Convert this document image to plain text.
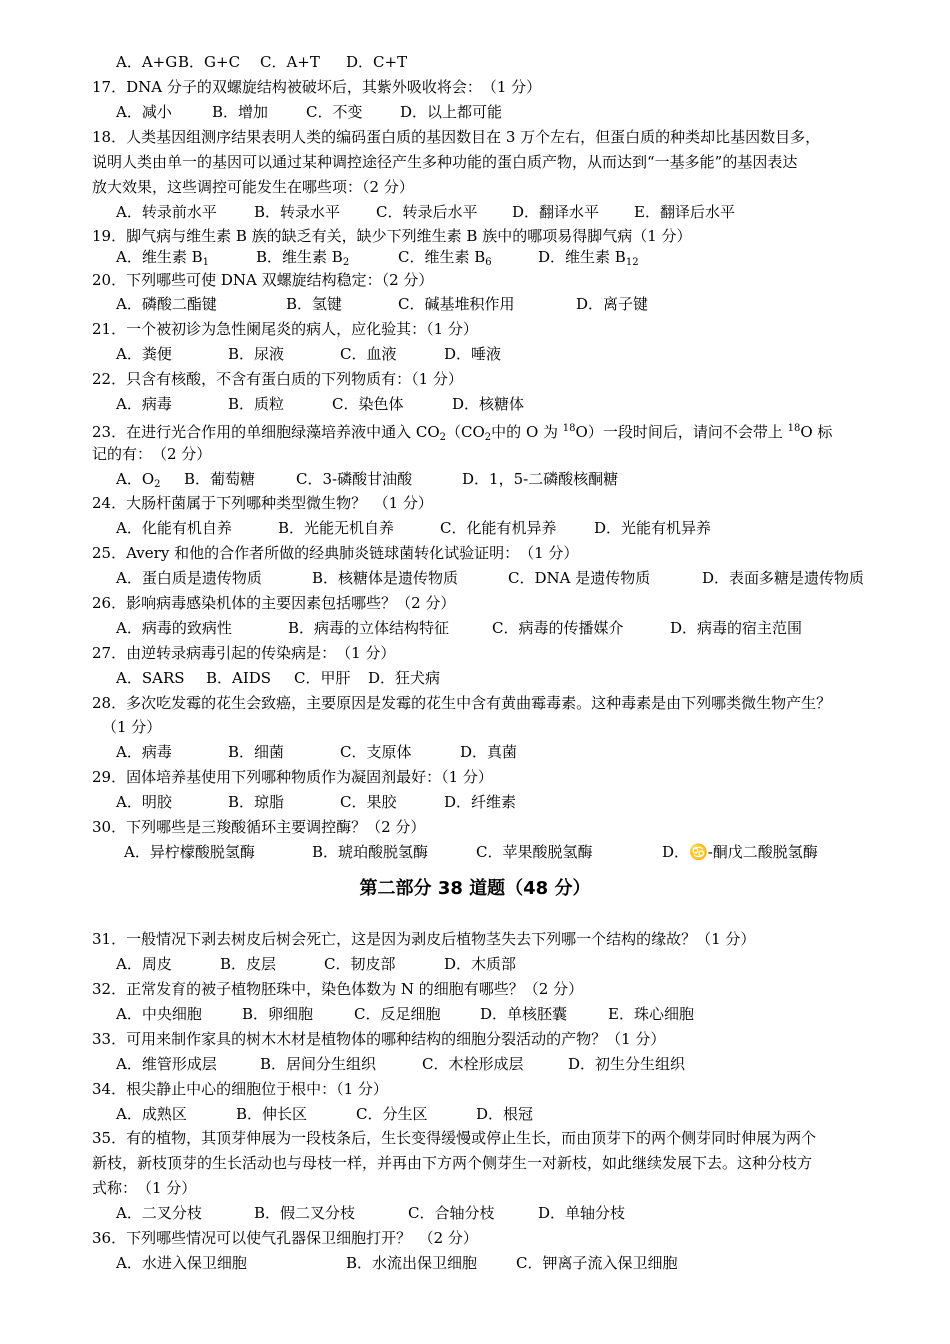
A．A+GB．G+C C．A+T D．C+T
17．DNA 分子的双螺旋结构被破坏后，其紫外吸收将会：　（1 分）
A．减小	B．增加	C．不变	D．以上都可能
18．人类基因组测序结果表明人类的编码蛋白质的基因数目在 3 万个左右，但蛋白质的种类却比基因数目多，
说明人类由单一的基因可以通过某种调控途径产生多种功能的蛋白质产物，从而达到“一基多能”的基因表达
放大效果，这些调控可能发生在哪些项：（2 分）
A．转录前水平 B．转录水平 C．转录后水平 D．翻译水平 E．翻译后水平
19．脚气病与维生素 B 族的缺乏有关，缺少下列维生素 B 族中的哪项易得脚气病（1 分）
A．维生素 $B_1$	B．维生素 $B_2$	C．维生素 $B_6$	D．维生素 $B_{12}$
20．下列哪些可使 DNA 双螺旋结构稳定：（2 分）
A．磷酸二酯键	B．氢键	C．碱基堆积作用	D．离子键
21．一个被初诊为急性阑尾炎的病人，应化验其：（1 分）
A．粪便	B．尿液	C．血液	D．唾液
22．只含有核酸，不含有蛋白质的下列物质有：（1 分）
A．病毒	B．质粒	C．染色体	D．核糖体
23．在进行光合作用的单细胞绿藻培养液中通入 $CO_2(CO_2$中的 O 为 $^{18}$O）一段时间后，请问不会带上 $^{18}$O 标
记的有：　（2 分）
A．$O_2$ B．葡萄糖	C．3-磷酸甘油酸	D．1，5-二磷酸核酮糖
24．大肠杆菌属于下列哪种类型微生物？　（1 分）
A．化能有机自养	B．光能无机自养	C．化能有机异养	D．光能有机异养
25．Avery 和他的合作者所做的经典肺炎链球菌转化试验证明：　（1 分）
A．蛋白质是遗传物质	B．核糖体是遗传物质	C．DNA 是遗传物质	D．表面多糖是遗传物质
26．影响病毒感染机体的主要因素包括哪些？（2 分）
A．病毒的致病性	B．病毒的立体结构特征	C．病毒的传播媒介	D．病毒的宿主范围
27．由逆转录病毒引起的传染病是：　（1 分）
A．SARS B．AIDS C．甲肝 D．狂犬病
28．多次吃发霉的花生会致癌，主要原因是发霉的花生中含有黄曲霉毒素。这种毒素是由下列哪类微生物产生？
（1 分）
A．病毒	B．细菌	C．支原体	D．真菌
29．固体培养基使用下列哪种物质作为凝固剂最好：（1 分）
A．明胶	B．琼脂	C．果胶	D．纤维素
30．下列哪些是三羧酸循环主要调控酶？（2 分）
A．异柠檬酸脱氢酶	B．琥珀酸脱氢酶	C．苹果酸脱氢酶	D．♋-酮戊二酸脱氢酶
第二部分 38 道题（48 分）
31．一般情况下剥去树皮后树会死亡，这是因为剥皮后植物茎失去下列哪一个结构的缘故？（1 分）
A．周皮	B．皮层	C．韧皮部	D．木质部
32．正常发育的被子植物胚珠中，染色体数为 N 的细胞有哪些？（2 分）
A．中央细胞	B．卵细胞	C．反足细胞	D．单核胚囊	E．珠心细胞
33．可用来制作家具的树木木材是植物体的哪种结构的细胞分裂活动的产物？（1 分）
A．维管形成层	B．居间分生组织	C．木栓形成层	D．初生分生组织
34．根尖静止中心的细胞位于根中：（1 分）
A．成熟区	B．伸长区	C．分生区	D．根冠
35．有的植物，其顶芽伸展为一段枝条后，生长变得缓慢或停止生长，而由顶芽下的两个侧芽同时伸展为两个
新枝，新枝顶芽的生长活动也与母枝一样，并再由下方两个侧芽生一对新枝，如此继续发展下去。这种分枝方
式称：　（1 分）
A．二叉分枝	B．假二叉分枝	C．合轴分枝	D．单轴分枝
36．下列哪些情况可以使气孔器保卫细胞打开？　（2 分）
A．水进入保卫细胞	B．水流出保卫细胞	C．钾离子流入保卫细胞
